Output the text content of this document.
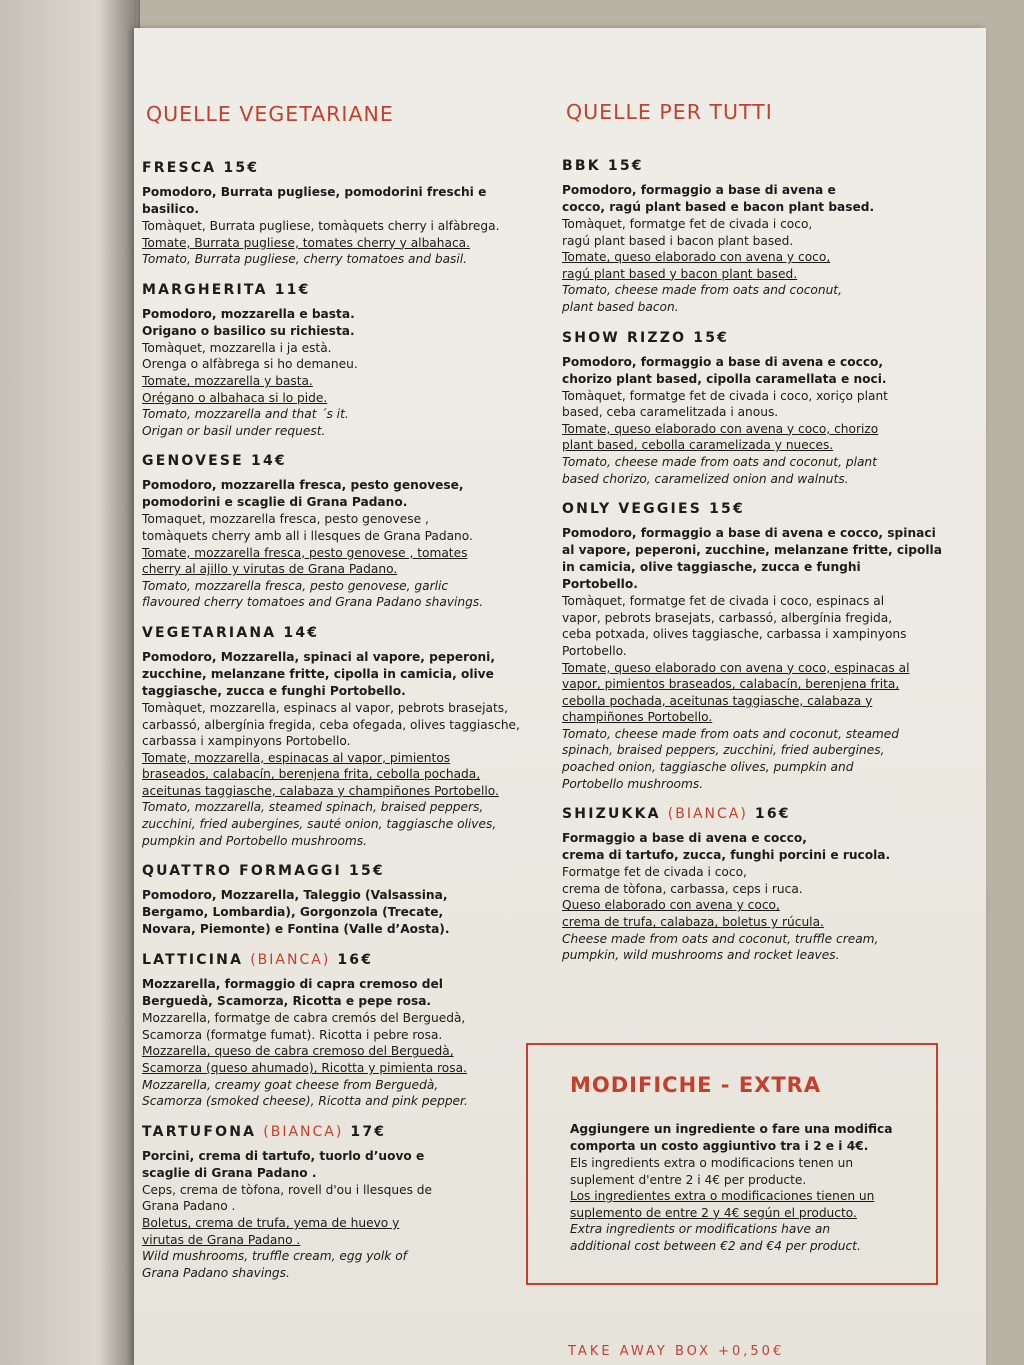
QUELLE VEGETARIANE
FRESCA 15€
Pomodoro, Burrata pugliese, pomodorini freschi e basilico.
Tomàquet, Burrata pugliese, tomàquets cherry i alfàbrega.
Tomate, Burrata pugliese, tomates cherry y albahaca.
Tomato, Burrata pugliese, cherry tomatoes and basil.
MARGHERITA 11€
Pomodoro, mozzarella e basta.
Origano o basilico su richiesta.
Tomàquet, mozzarella i ja està.
Orenga o alfàbrega si ho demaneu.
Tomate, mozzarella y basta.
Orégano o albahaca si lo pide.
Tomato, mozzarella and that ´s it.
Origan or basil under request.
GENOVESE 14€
Pomodoro, mozzarella fresca, pesto genovese,
pomodorini e scaglie di Grana Padano.
Tomaquet, mozzarella fresca, pesto genovese ,
tomàquets cherry amb all i llesques de Grana Padano.
Tomate, mozzarella fresca, pesto genovese , tomates
cherry al ajillo y virutas de Grana Padano.
Tomato, mozzarella fresca, pesto genovese, garlic
flavoured cherry tomatoes and Grana Padano shavings.
VEGETARIANA 14€
Pomodoro, Mozzarella, spinaci al vapore, peperoni,
zucchine, melanzane fritte, cipolla in camicia, olive
taggiasche, zucca e funghi Portobello.
Tomàquet, mozzarella, espinacs al vapor, pebrots brasejats,
carbassó, albergínia fregida, ceba ofegada, olives taggiasche,
carbassa i xampinyons Portobello.
Tomate, mozzarella, espinacas al vapor, pimientos
braseados, calabacín, berenjena frita, cebolla pochada,
aceitunas taggiasche, calabaza y champiñones Portobello.
Tomato, mozzarella, steamed spinach, braised peppers,
zucchini, fried aubergines, sauté onion, taggiasche olives,
pumpkin and Portobello mushrooms.
QUATTRO FORMAGGI 15€
Pomodoro, Mozzarella, Taleggio (Valsassina,
Bergamo, Lombardia), Gorgonzola (Trecate,
Novara, Piemonte) e Fontina (Valle d’Aosta).
LATTICINA (BIANCA) 16€
Mozzarella, formaggio di capra cremoso del
Berguedà, Scamorza, Ricotta e pepe rosa.
Mozzarella, formatge de cabra cremós del Berguedà,
Scamorza (formatge fumat). Ricotta i pebre rosa.
Mozzarella, queso de cabra cremoso del Berguedà,
Scamorza (queso ahumado), Ricotta y pimienta rosa.
Mozzarella, creamy goat cheese from Berguedà,
Scamorza (smoked cheese), Ricotta and pink pepper.
TARTUFONA (BIANCA) 17€
Porcini, crema di tartufo, tuorlo d’uovo e
scaglie di Grana Padano .
Ceps, crema de tòfona, rovell d'ou i llesques de
Grana Padano .
Boletus, crema de trufa, yema de huevo y
virutas de Grana Padano .
Wild mushrooms, truffle cream, egg yolk of
Grana Padano shavings.
QUELLE PER TUTTI
BBK 15€
Pomodoro, formaggio a base di avena e
cocco, ragú plant based e bacon plant based.
Tomàquet, formatge fet de civada i coco,
ragú plant based i bacon plant based.
Tomate, queso elaborado con avena y coco,
ragú plant based y bacon plant based.
Tomato, cheese made from oats and coconut,
plant based bacon.
SHOW RIZZO 15€
Pomodoro, formaggio a base di avena e cocco,
chorizo plant based, cipolla caramellata e noci.
Tomàquet, formatge fet de civada i coco, xoriço plant
based, ceba caramelitzada i anous.
Tomate, queso elaborado con avena y coco, chorizo
plant based, cebolla caramelizada y nueces.
Tomato, cheese made from oats and coconut, plant
based chorizo, caramelized onion and walnuts.
ONLY VEGGIES 15€
Pomodoro, formaggio a base di avena e cocco, spinaci
al vapore, peperoni, zucchine, melanzane fritte, cipolla
in camicia, olive taggiasche, zucca e funghi
Portobello.
Tomàquet, formatge fet de civada i coco, espinacs al
vapor, pebrots brasejats, carbassó, albergínia fregida,
ceba potxada, olives taggiasche, carbassa i xampinyons
Portobello.
Tomate, queso elaborado con avena y coco, espinacas al
vapor, pimientos braseados, calabacín, berenjena frita,
cebolla pochada, aceitunas taggiasche, calabaza y
champiñones Portobello.
Tomato, cheese made from oats and coconut, steamed
spinach, braised peppers, zucchini, fried aubergines,
poached onion, taggiasche olives, pumpkin and
Portobello mushrooms.
SHIZUKKA (BIANCA) 16€
Formaggio a base di avena e cocco,
crema di tartufo, zucca, funghi porcini e rucola.
Formatge fet de civada i coco,
crema de tòfona, carbassa, ceps i ruca.
Queso elaborado con avena y coco,
crema de trufa, calabaza, boletus y rúcula.
Cheese made from oats and coconut, truffle cream,
pumpkin, wild mushrooms and rocket leaves.
MODIFICHE - EXTRA
Aggiungere un ingrediente o fare una modifica
comporta un costo aggiuntivo tra i 2 e i 4€.
Els ingredients extra o modificacions tenen un
suplement d'entre 2 i 4€ per producte.
Los ingredientes extra o modificaciones tienen un
suplemento de entre 2 y 4€ según el producto.
Extra ingredients or modifications have an
additional cost between €2 and €4 per product.
TAKE AWAY BOX +0,50€
